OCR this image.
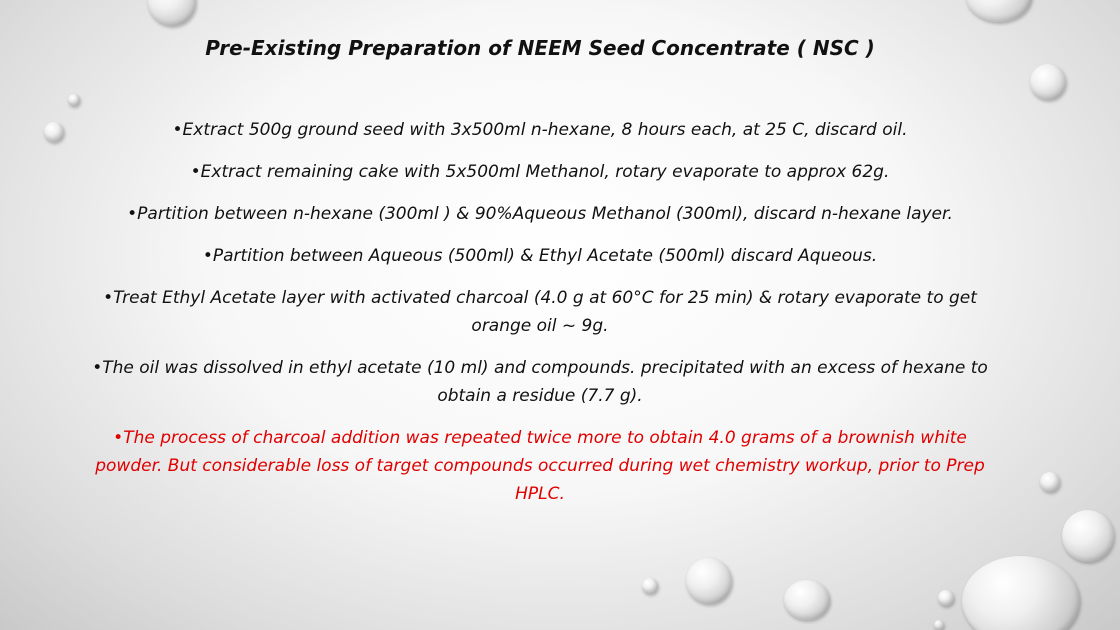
Pre-Existing Preparation of NEEM Seed Concentrate ( NSC )

•Extract 500g ground seed with 3x500ml n-hexane, 8 hours each, at 25 C, discard oil.

•Extract remaining cake with 5x500ml Methanol, rotary evaporate to approx 62g.

•Partition between n-hexane (300ml ) & 90%Aqueous Methanol (300ml), discard n-hexane layer.

•Partition between Aqueous (500ml) & Ethyl Acetate (500ml) discard Aqueous.

•Treat Ethyl Acetate layer with activated charcoal (4.0 g at 60°C for 25 min) & rotary evaporate to get orange oil ~ 9g.

•The oil was dissolved in ethyl acetate (10 ml) and compounds. precipitated with an excess of hexane to obtain a residue (7.7 g).

•The process of charcoal addition was repeated twice more to obtain 4.0 grams of a brownish white powder. But considerable loss of target compounds occurred during wet chemistry workup, prior to Prep HPLC.
